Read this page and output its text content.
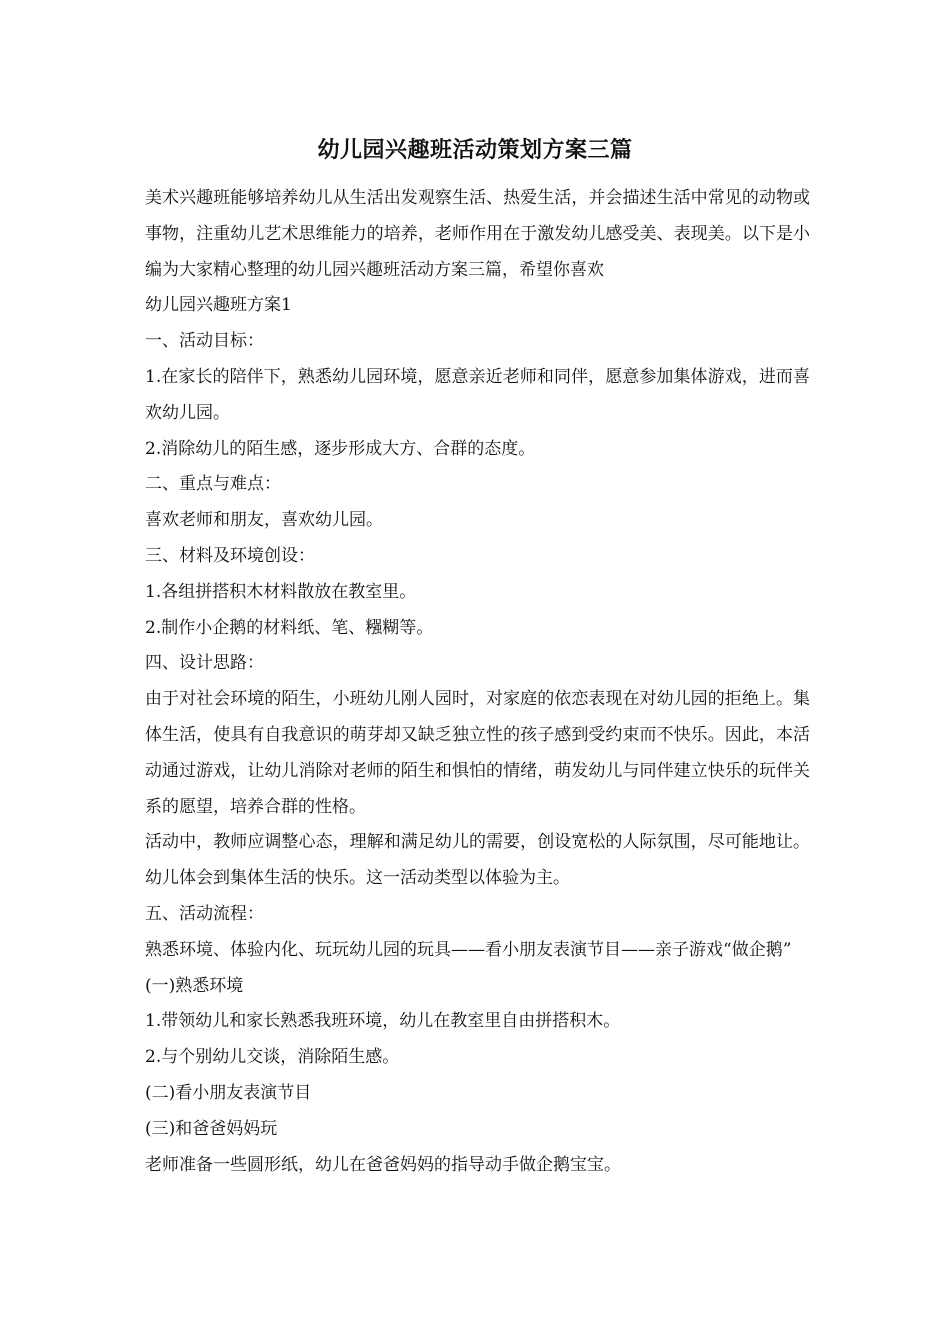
幼儿园兴趣班活动策划方案三篇

美术兴趣班能够培养幼儿从生活出发观察生活、热爱生活，并会描述生活中常见的动物或事物，注重幼儿艺术思维能力的培养，老师作用在于激发幼儿感受美、表现美。以下是小编为大家精心整理的幼儿园兴趣班活动方案三篇，希望你喜欢

幼儿园兴趣班方案1

一、活动目标：

1.在家长的陪伴下，熟悉幼儿园环境，愿意亲近老师和同伴，愿意参加集体游戏，进而喜欢幼儿园。

2.消除幼儿的陌生感，逐步形成大方、合群的态度。

二、重点与难点：

喜欢老师和朋友，喜欢幼儿园。

三、材料及环境创设：

1.各组拼搭积木材料散放在教室里。

2.制作小企鹅的材料纸、笔、糨糊等。

四、设计思路：

由于对社会环境的陌生，小班幼儿刚人园时，对家庭的依恋表现在对幼儿园的拒绝上。集体生活，使具有自我意识的萌芽却又缺乏独立性的孩子感到受约束而不快乐。因此，本活动通过游戏，让幼儿消除对老师的陌生和惧怕的情绪，萌发幼儿与同伴建立快乐的玩伴关系的愿望，培养合群的性格。

活动中，教师应调整心态，理解和满足幼儿的需要，创设宽松的人际氛围，尽可能地让。幼儿体会到集体生活的快乐。这一活动类型以体验为主。

五、活动流程：

熟悉环境、体验内化、玩玩幼儿园的玩具——看小朋友表演节目——亲子游戏“做企鹅”

(一)熟悉环境

1.带领幼儿和家长熟悉我班环境，幼儿在教室里自由拼搭积木。

2.与个别幼儿交谈，消除陌生感。

(二)看小朋友表演节目

(三)和爸爸妈妈玩

老师准备一些圆形纸，幼儿在爸爸妈妈的指导动手做企鹅宝宝。
